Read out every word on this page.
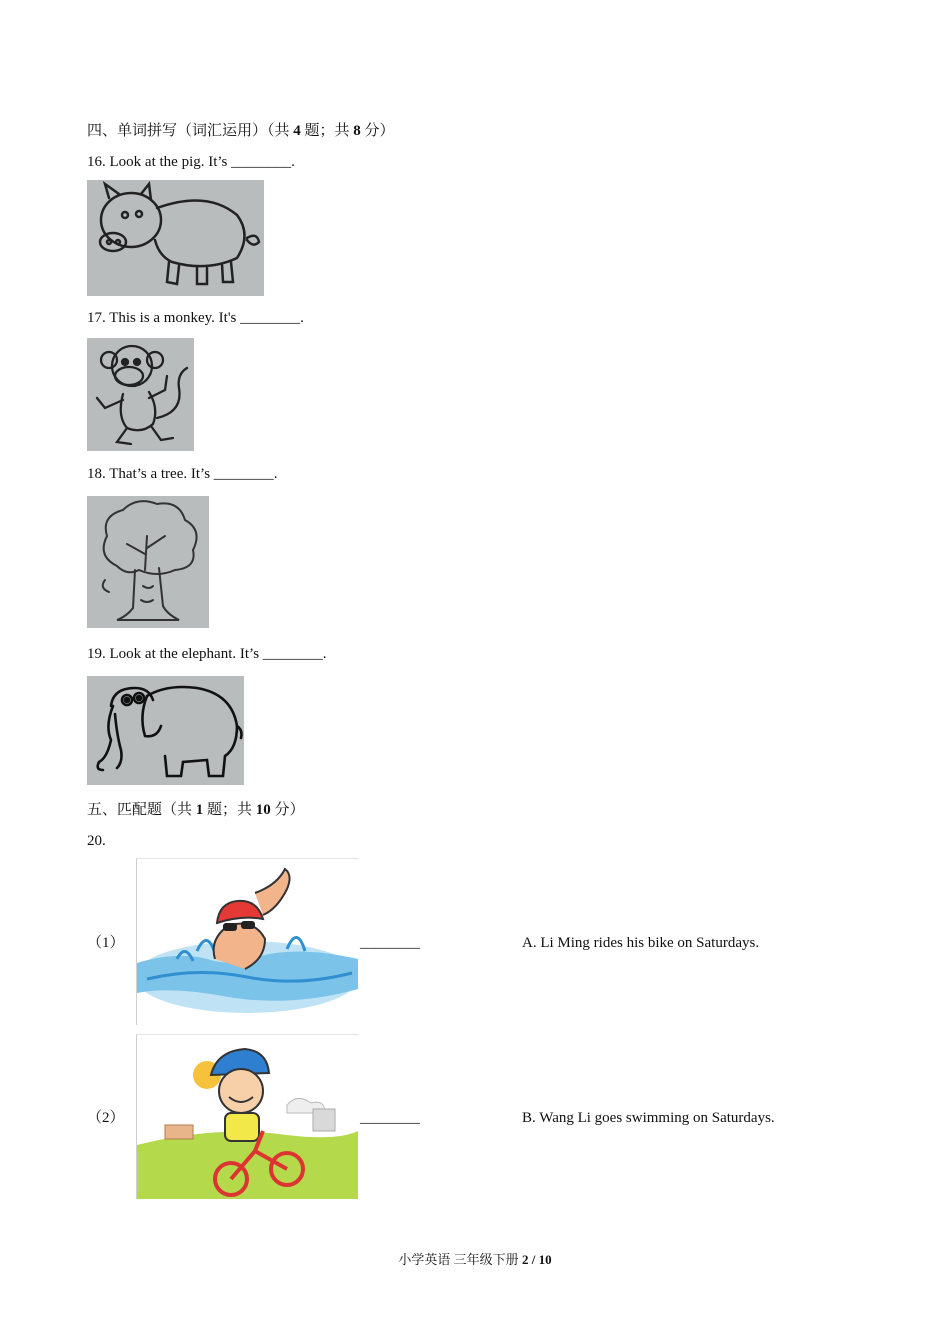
四、单词拼写（词汇运用）（共 4 题；共 8 分）
16. Look at the pig. It’s ________.
17. This is a monkey. It's ________.
18. That’s a tree. It’s ________.
19. Look at the elephant. It’s ________.
五、匹配题（共 1 题；共 10 分）
20.
（1）	________	A. Li Ming rides his bike on Saturdays.
（2）	________	B. Wang Li goes swimming on Saturdays.
小学英语 三年级下册 2 / 10
